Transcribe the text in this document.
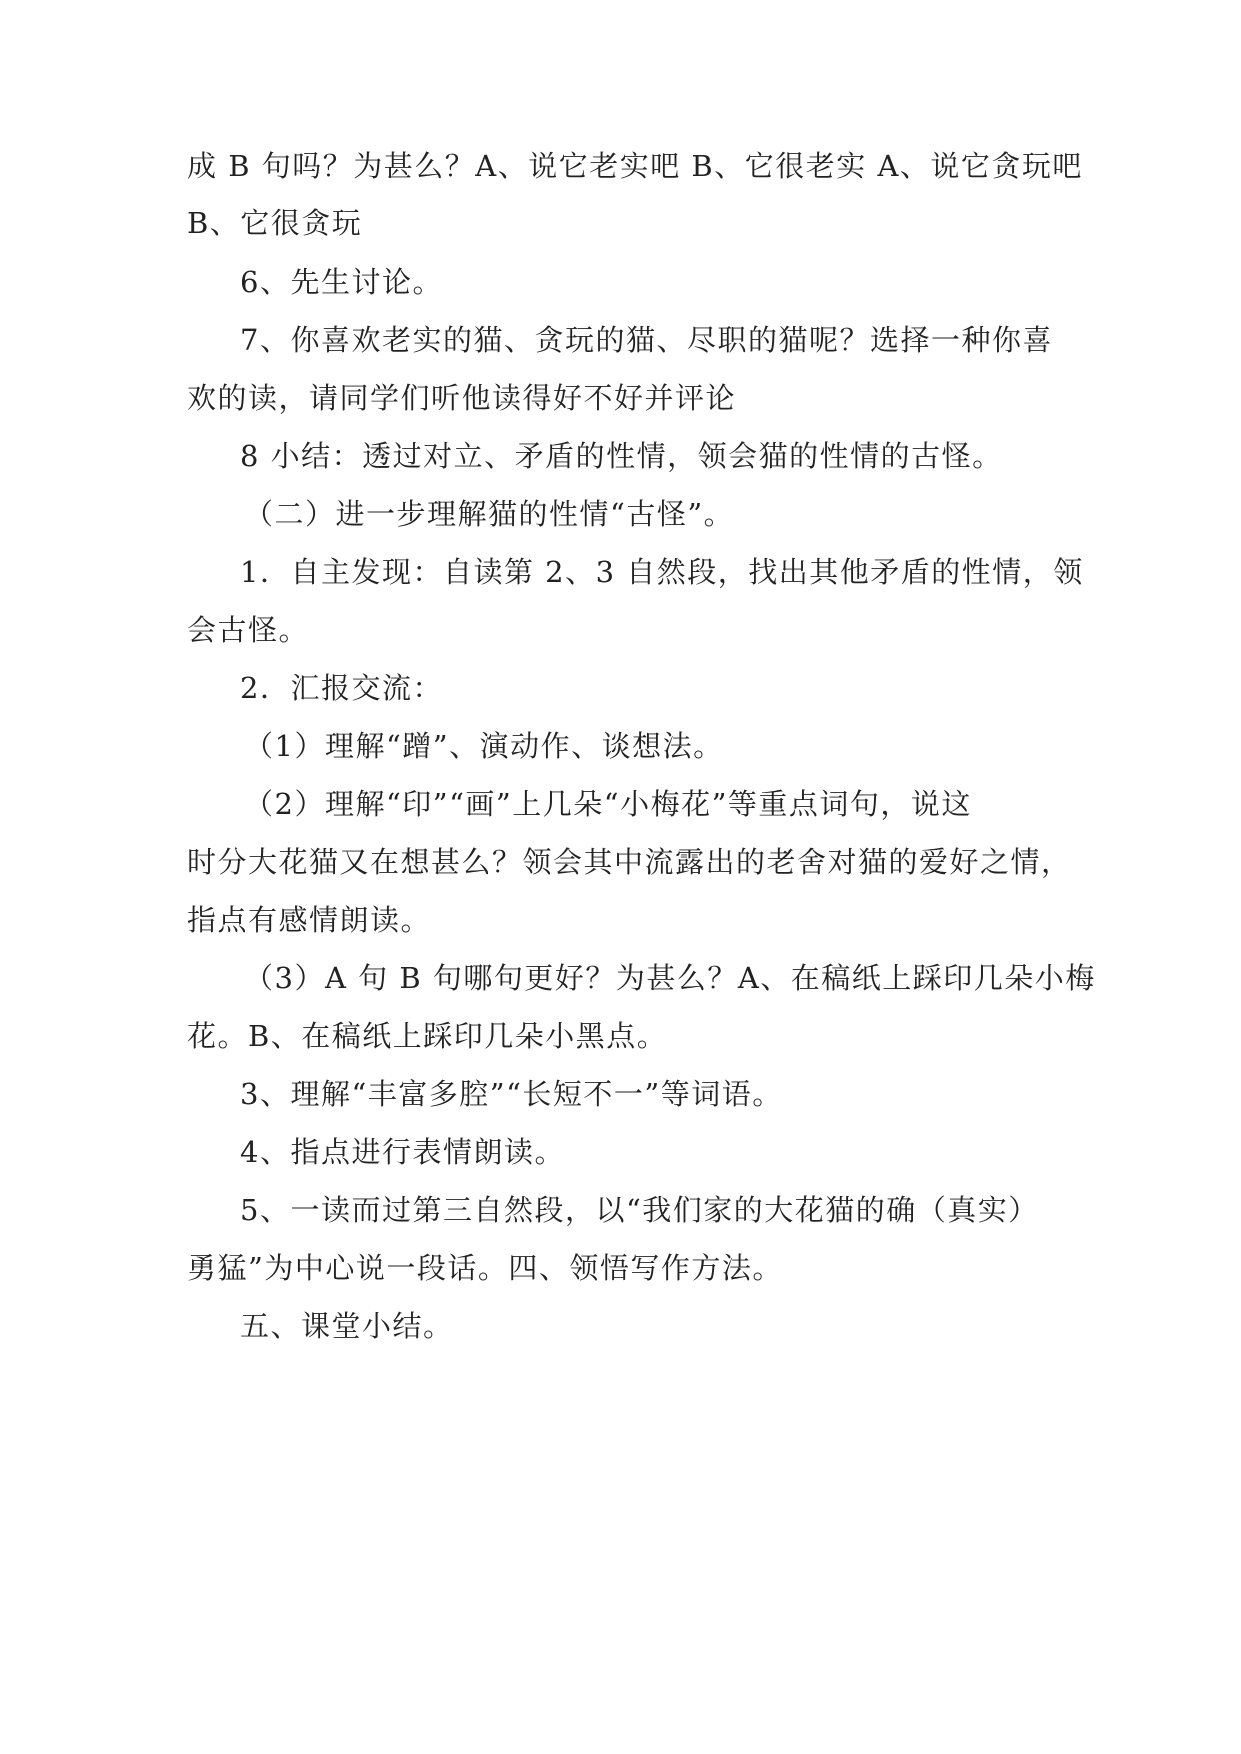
成 B 句吗？为甚么？A、说它老实吧 B、它很老实 A、说它贪玩吧
B、它很贪玩
6、先生讨论。
7、你喜欢老实的猫、贪玩的猫、尽职的猫呢？选择一种你喜
欢的读，请同学们听他读得好不好并评论
8 小结：透过对立、矛盾的性情，领会猫的性情的古怪。
（二）进一步理解猫的性情“古怪”。
1．自主发现：自读第 2、3 自然段，找出其他矛盾的性情，领
会古怪。
2．汇报交流：
（1）理解“蹭”、演动作、谈想法。
（2）理解“印”“画”上几朵“小梅花”等重点词句，说这
时分大花猫又在想甚么？领会其中流露出的老舍对猫的爱好之情，
指点有感情朗读。
（3）A 句 B 句哪句更好？为甚么？A、在稿纸上踩印几朵小梅
花。B、在稿纸上踩印几朵小黑点。
3、理解“丰富多腔”“长短不一”等词语。
4、指点进行表情朗读。
5、一读而过第三自然段，以“我们家的大花猫的确（真实）
勇猛”为中心说一段话。四、领悟写作方法。
五、课堂小结。
